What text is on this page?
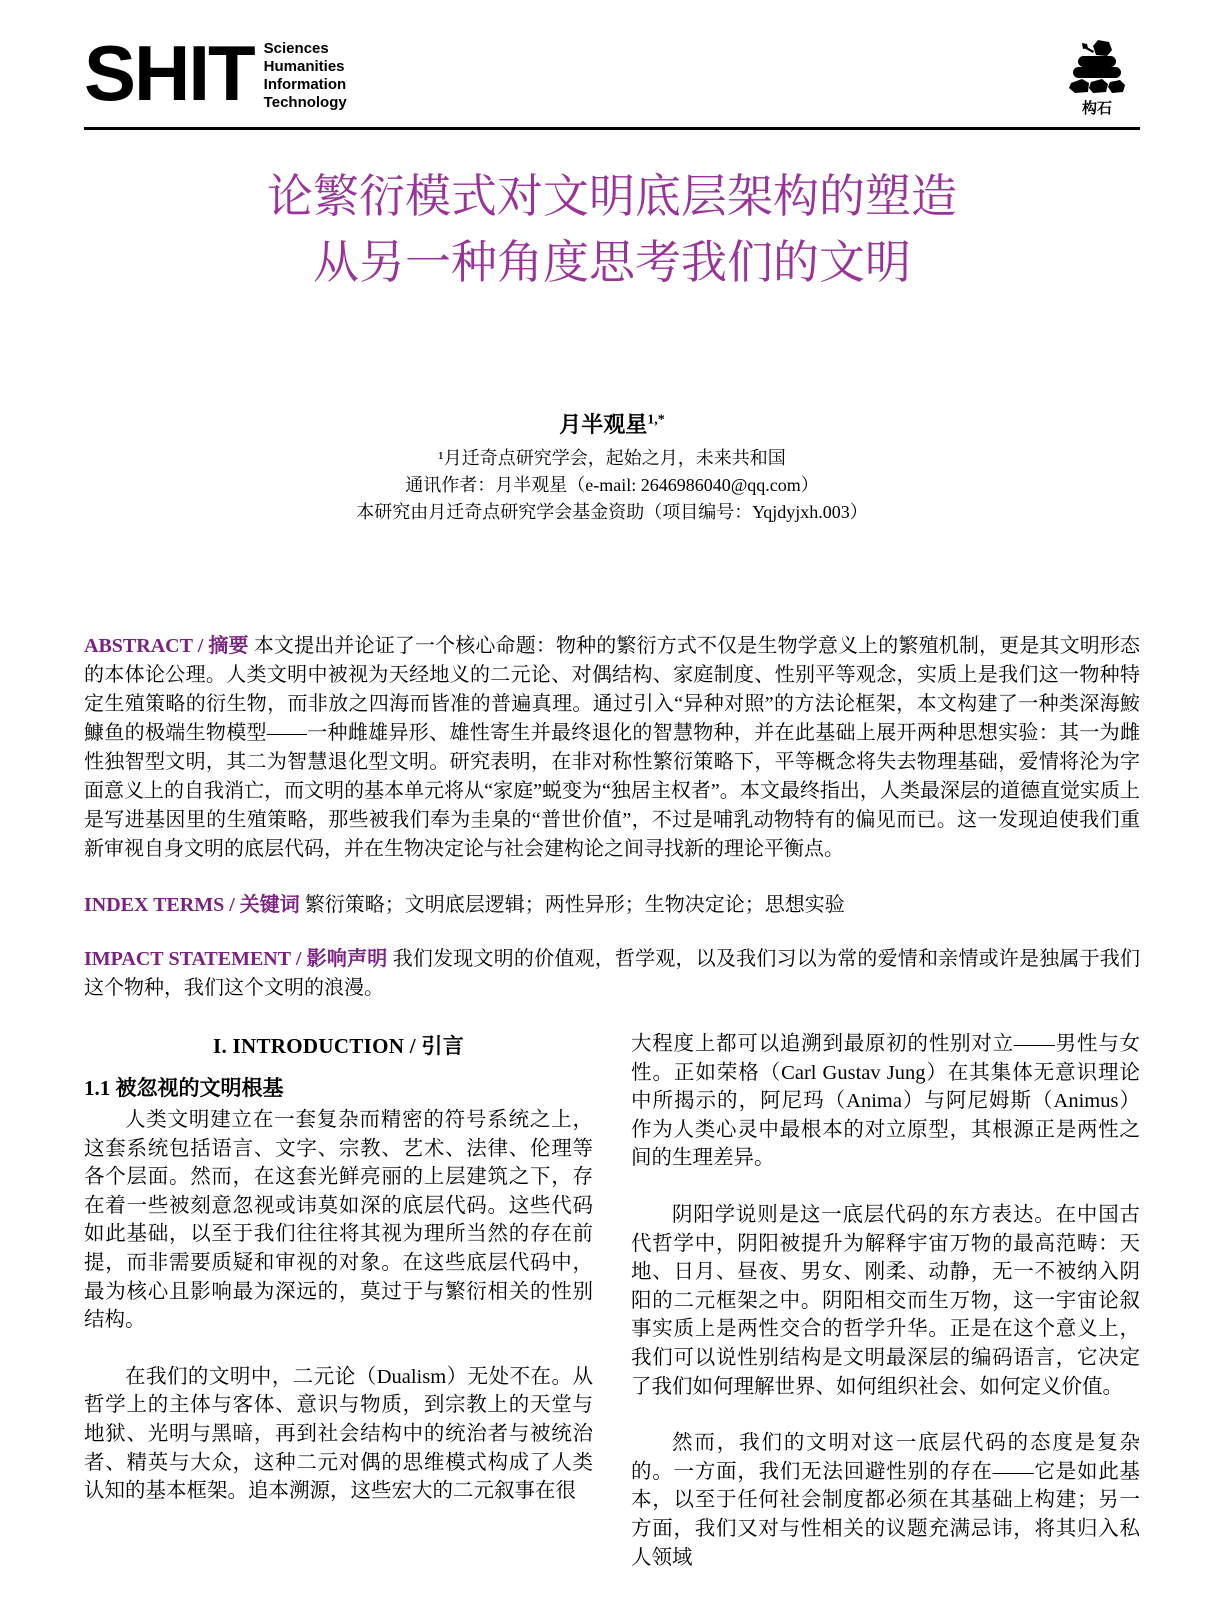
SHIT Sciences
Humanities
Information
Technology	构石
论繁衍模式对文明底层架构的塑造
从另一种角度思考我们的文明
月半观星$^{1,*}$
¹月迁奇点研究学会，起始之月，未来共和国
通讯作者：月半观星（e-mail: 2646986040@qq.com）
本研究由月迁奇点研究学会基金资助（项目编号：Yqjdyjxh.003）

ABSTRACT / 摘要 本文提出并论证了一个核心命题：物种的繁衍方式不仅是生物学意义上的繁殖机制，更是其文明形态的本体论公理。人类文明中被视为天经地义的二元论、对偶结构、家庭制度、性别平等观念，实质上是我们这一物种特定生殖策略的衍生物，而非放之四海而皆准的普遍真理。通过引入“异种对照”的方法论框架，本文构建了一种类深海鮟鱇鱼的极端生物模型——一种雌雄异形、雄性寄生并最终退化的智慧物种，并在此基础上展开两种思想实验：其一为雌性独智型文明，其二为智慧退化型文明。研究表明，在非对称性繁衍策略下，平等概念将失去物理基础，爱情将沦为字面意义上的自我消亡，而文明的基本单元将从“家庭”蜕变为“独居主权者”。本文最终指出，人类最深层的道德直觉实质上是写进基因里的生殖策略，那些被我们奉为圭臬的“普世价值”，不过是哺乳动物特有的偏见而已。这一发现迫使我们重新审视自身文明的底层代码，并在生物决定论与社会建构论之间寻找新的理论平衡点。

INDEX TERMS / 关键词 繁衍策略；文明底层逻辑；两性异形；生物决定论；思想实验

IMPACT STATEMENT / 影响声明 我们发现文明的价值观，哲学观，以及我们习以为常的爱情和亲情或许是独属于我们这个物种，我们这个文明的浪漫。

I. INTRODUCTION / 引言
1.1 被忽视的文明根基

人类文明建立在一套复杂而精密的符号系统之上，这套系统包括语言、文字、宗教、艺术、法律、伦理等各个层面。然而，在这套光鲜亮丽的上层建筑之下，存在着一些被刻意忽视或讳莫如深的底层代码。这些代码如此基础，以至于我们往往将其视为理所当然的存在前提，而非需要质疑和审视的对象。在这些底层代码中，最为核心且影响最为深远的，莫过于与繁衍相关的性别结构。

在我们的文明中，二元论（Dualism）无处不在。从哲学上的主体与客体、意识与物质，到宗教上的天堂与地狱、光明与黑暗，再到社会结构中的统治者与被统治者、精英与大众，这种二元对偶的思维模式构成了人类认知的基本框架。追本溯源，这些宏大的二元叙事在很

大程度上都可以追溯到最原初的性别对立——男性与女性。正如荣格（Carl Gustav Jung）在其集体无意识理论中所揭示的，阿尼玛（Anima）与阿尼姆斯（Animus）作为人类心灵中最根本的对立原型，其根源正是两性之间的生理差异。

阴阳学说则是这一底层代码的东方表达。在中国古代哲学中，阴阳被提升为解释宇宙万物的最高范畴：天地、日月、昼夜、男女、刚柔、动静，无一不被纳入阴阳的二元框架之中。阴阳相交而生万物，这一宇宙论叙事实质上是两性交合的哲学升华。正是在这个意义上，我们可以说性别结构是文明最深层的编码语言，它决定了我们如何理解世界、如何组织社会、如何定义价值。

然而，我们的文明对这一底层代码的态度是复杂的。一方面，我们无法回避性别的存在——它是如此基本，以至于任何社会制度都必须在其基础上构建；另一方面，我们又对与性相关的议题充满忌讳，将其归入私人领域
